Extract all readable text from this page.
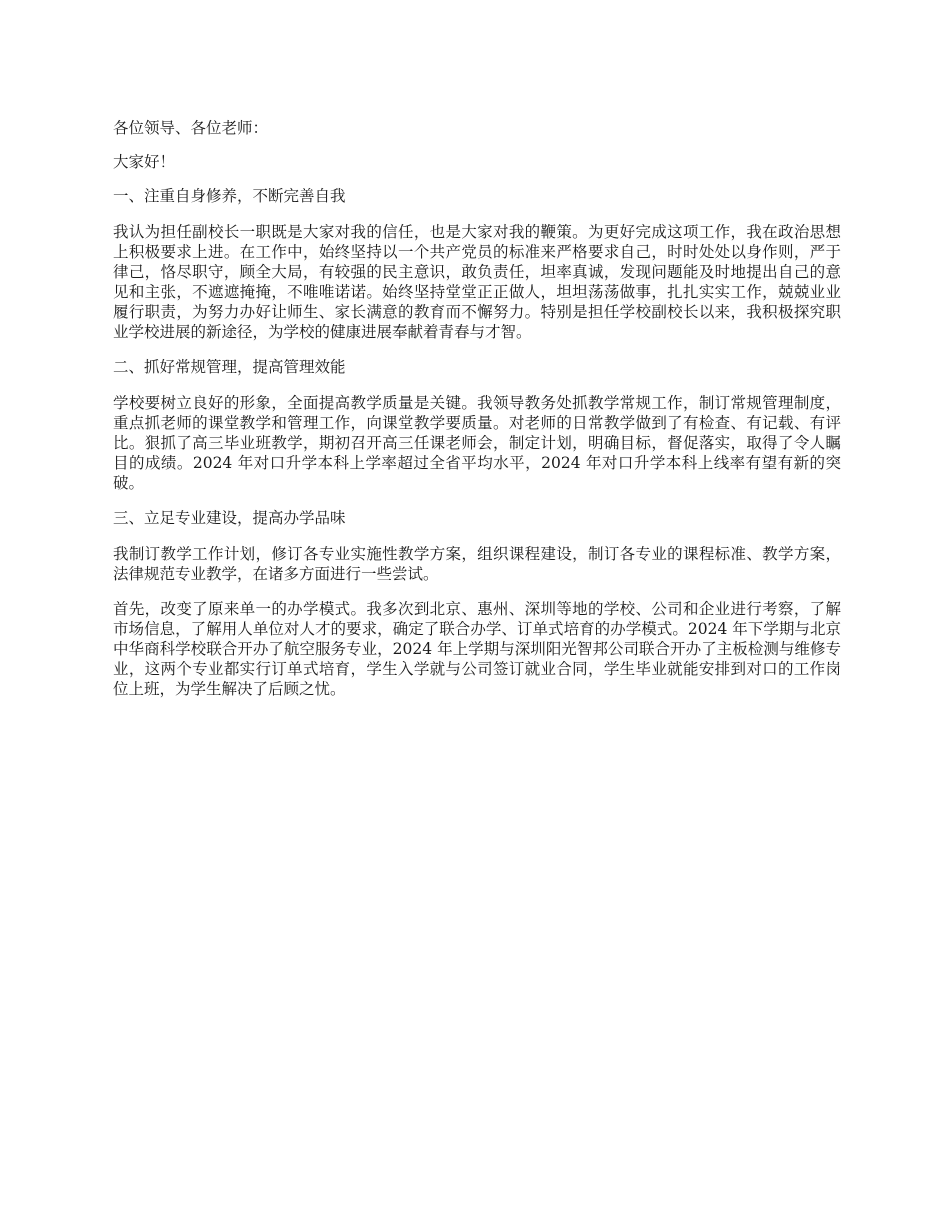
各位领导、各位老师：

大家好！

一、注重自身修养，不断完善自我

我认为担任副校长一职既是大家对我的信任，也是大家对我的鞭策。为更好完成这项工作，我在政治思想上积极要求上进。在工作中，始终坚持以一个共产党员的标准来严格要求自己，时时处处以身作则，严于律己，恪尽职守，顾全大局，有较强的民主意识，敢负责任，坦率真诚，发现问题能及时地提出自己的意见和主张，不遮遮掩掩，不唯唯诺诺。始终坚持堂堂正正做人，坦坦荡荡做事，扎扎实实工作，兢兢业业履行职责，为努力办好让师生、家长满意的教育而不懈努力。特别是担任学校副校长以来，我积极探究职业学校进展的新途径，为学校的健康进展奉献着青春与才智。

二、抓好常规管理，提高管理效能

学校要树立良好的形象，全面提高教学质量是关键。我领导教务处抓教学常规工作，制订常规管理制度，重点抓老师的课堂教学和管理工作，向课堂教学要质量。对老师的日常教学做到了有检查、有记载、有评比。狠抓了高三毕业班教学，期初召开高三任课老师会，制定计划，明确目标，督促落实，取得了令人瞩目的成绩。2024 年对口升学本科上学率超过全省平均水平，2024 年对口升学本科上线率有望有新的突破。

三、立足专业建设，提高办学品味

我制订教学工作计划，修订各专业实施性教学方案，组织课程建设，制订各专业的课程标准、教学方案，法律规范专业教学，在诸多方面进行一些尝试。

首先，改变了原来单一的办学模式。我多次到北京、惠州、深圳等地的学校、公司和企业进行考察，了解市场信息，了解用人单位对人才的要求，确定了联合办学、订单式培育的办学模式。2024 年下学期与北京中华商科学校联合开办了航空服务专业，2024 年上学期与深圳阳光智邦公司联合开办了主板检测与维修专业，这两个专业都实行订单式培育，学生入学就与公司签订就业合同，学生毕业就能安排到对口的工作岗位上班，为学生解决了后顾之忧。
